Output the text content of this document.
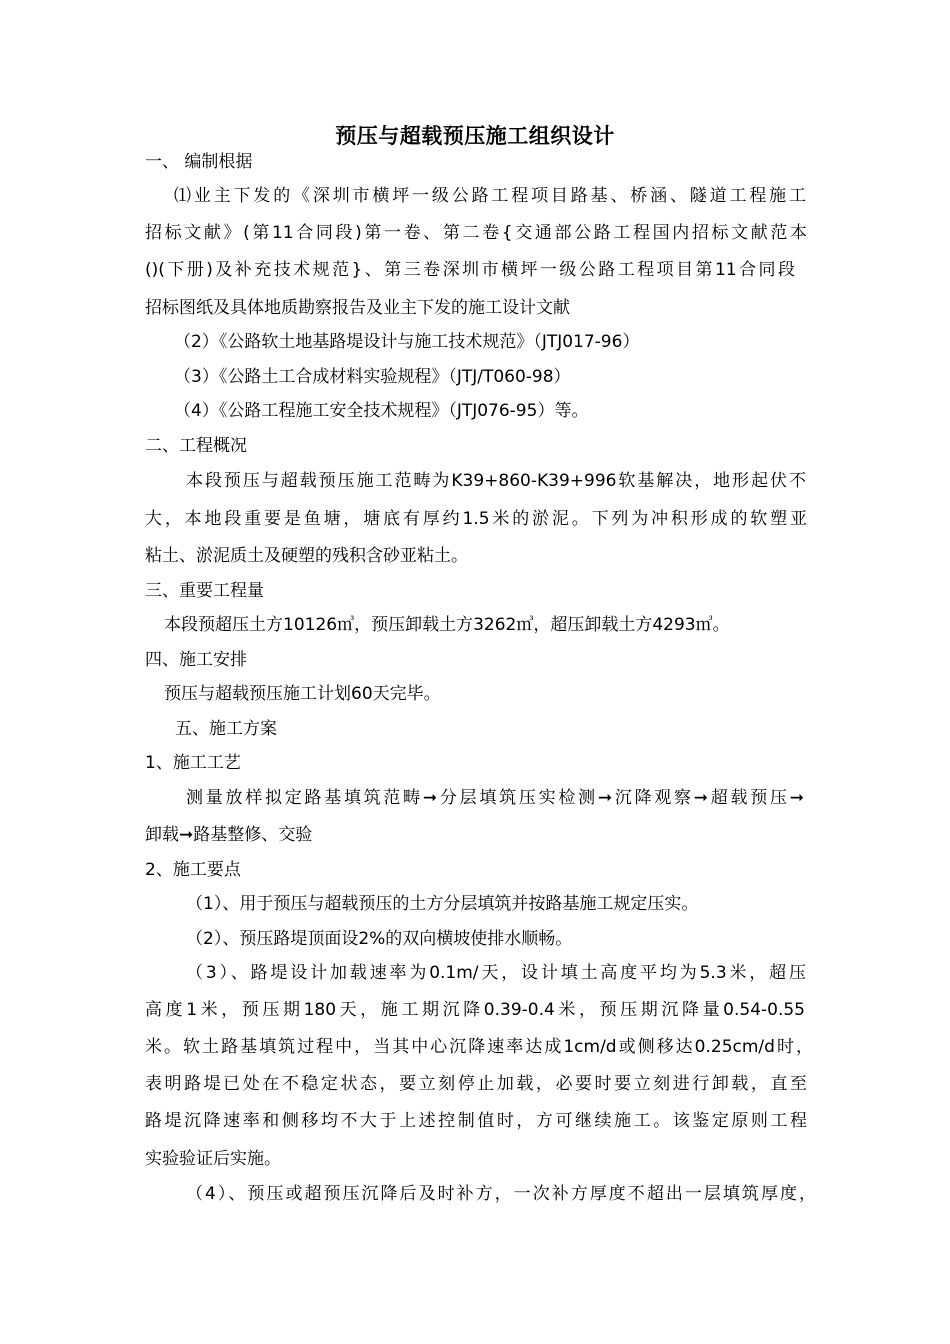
预压与超载预压施工组织设计
一、 编制根据
⑴业主下发的《深圳市横坪一级公路工程项目路基、桥涵、隧道工程施工
招标文献》(第11合同段)第一卷、第二卷{交通部公路工程国内招标文献范本
()(下册)及补充技术规范}、第三卷深圳市横坪一级公路工程项目第11合同段
招标图纸及具体地质勘察报告及业主下发的施工设计文献
（2）《公路软土地基路堤设计与施工技术规范》（JTJ017-96）
（3）《公路土工合成材料实验规程》（JTJ/T060-98）
（4）《公路工程施工安全技术规程》（JTJ076-95）等。
二、工程概况
本段预压与超载预压施工范畴为K39+860-K39+996软基解决，地形起伏不
大，本地段重要是鱼塘，塘底有厚约1.5米的淤泥。下列为冲积形成的软塑亚
粘土、淤泥质土及硬塑的残积含砂亚粘土。
三、重要工程量
本段预超压土方10126㎥，预压卸载土方3262㎥，超压卸载土方4293㎥。
四、施工安排
预压与超载预压施工计划60天完毕。
五、施工方案
1、施工工艺
测量放样拟定路基填筑范畴➞分层填筑压实检测➞沉降观察➞超载预压➞
卸载➞路基整修、交验
2、施工要点
（1）、用于预压与超载预压的土方分层填筑并按路基施工规定压实。
（2）、预压路堤顶面设2%的双向横坡使排水顺畅。
（3）、路堤设计加载速率为0.1m/天，设计填土高度平均为5.3米，超压
高度1米，预压期180天，施工期沉降0.39-0.4米，预压期沉降量0.54-0.55
米。软土路基填筑过程中，当其中心沉降速率达成1cm/d或侧移达0.25cm/d时，
表明路堤已处在不稳定状态，要立刻停止加载，必要时要立刻进行卸载，直至
路堤沉降速率和侧移均不大于上述控制值时，方可继续施工。该鉴定原则工程
实验验证后实施。
（4）、预压或超预压沉降后及时补方，一次补方厚度不超出一层填筑厚度，
